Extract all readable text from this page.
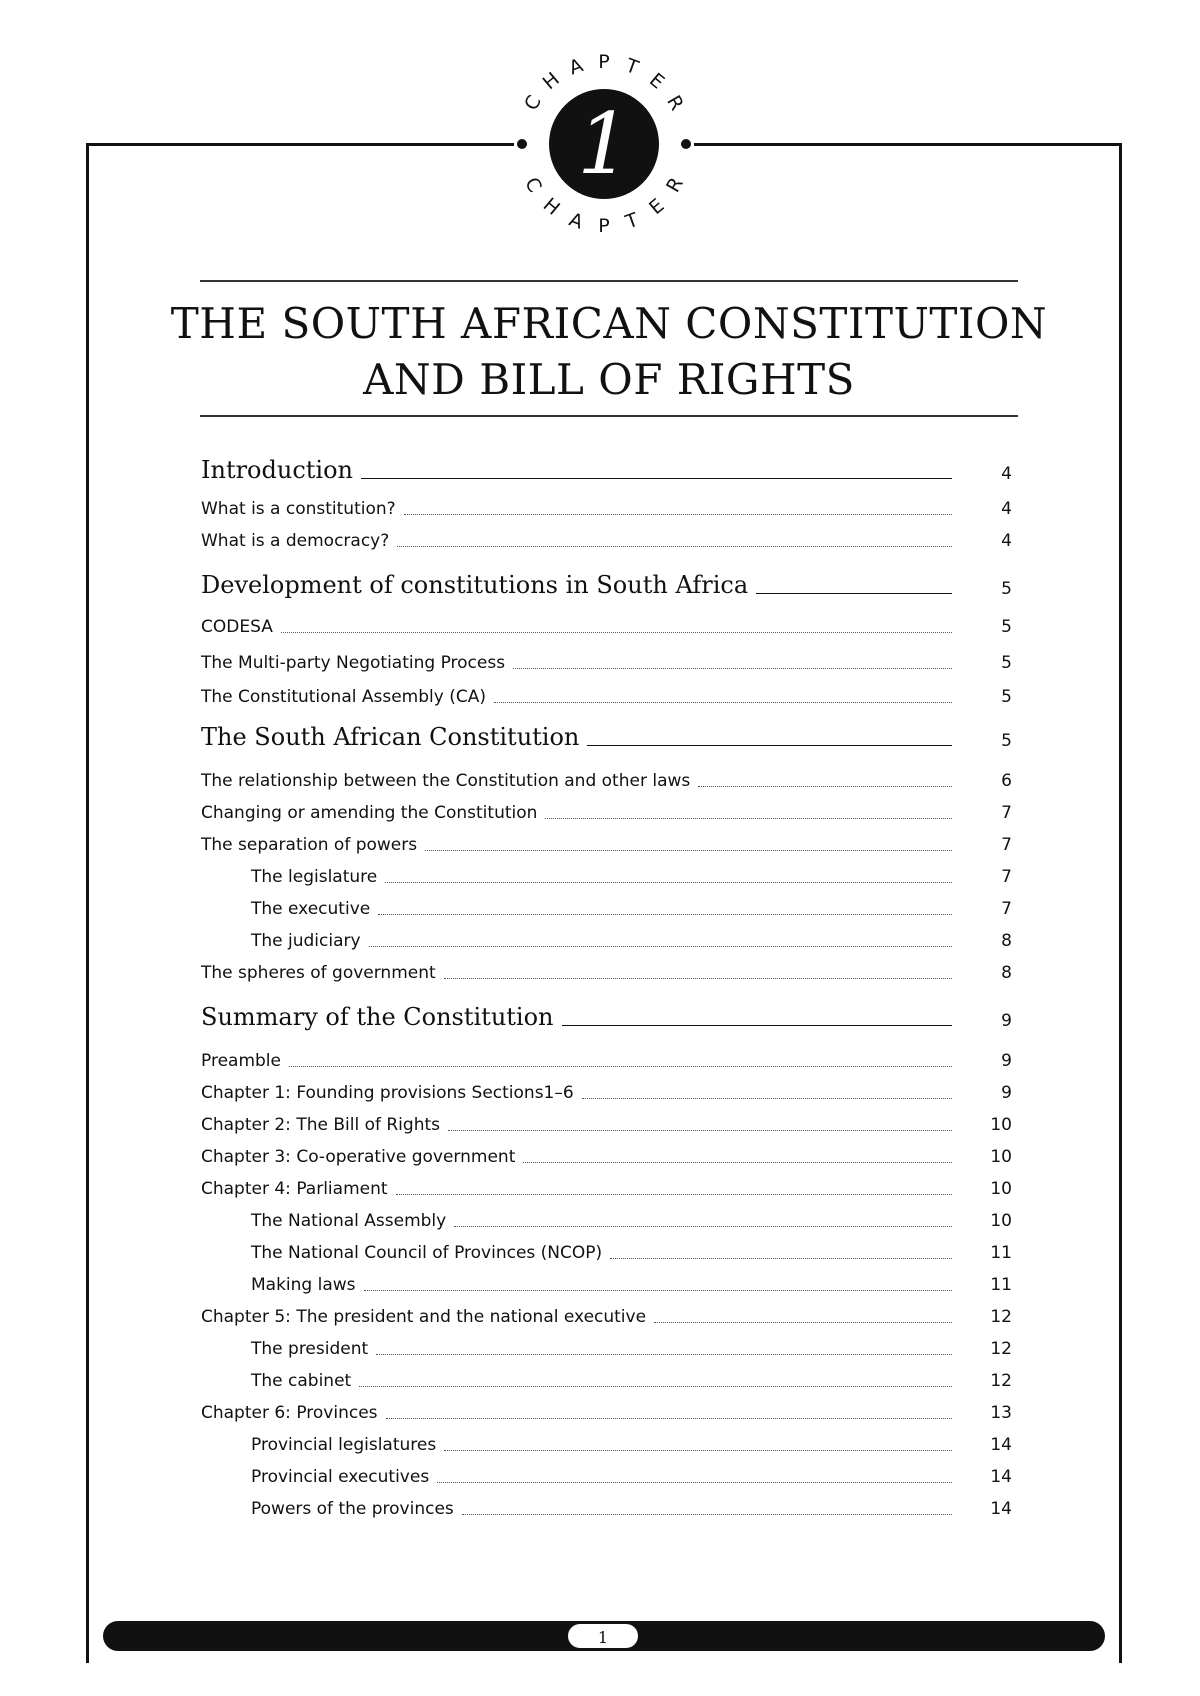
1
C
H
A P T
E
R
R
E
T
P
A
H
C
THE SOUTH AFRICAN CONSTITUTION
AND BILL OF RIGHTS
Introduction	4
What is a constitution?	4
What is a democracy?	4
Development of constitutions in South Africa	5
CODESA	5
The Multi-party Negotiating Process	5
The Constitutional Assembly (CA)	5
The South African Constitution	5
The relationship between the Constitution and other laws	6
Changing or amending the Constitution	7
The separation of powers	7
The legislature	7
The executive	7
The judiciary	8
The spheres of government	8
Summary of the Constitution	9
Preamble	9
Chapter 1: Founding provisions Sections1–6	9
Chapter 2: The Bill of Rights	10
Chapter 3: Co-operative government	10
Chapter 4: Parliament	10
The National Assembly	10
The National Council of Provinces (NCOP)	11
Making laws	11
Chapter 5: The president and the national executive	12
The president	12
The cabinet	12
Chapter 6: Provinces	13
Provincial legislatures	14
Provincial executives	14
Powers of the provinces	14
1
